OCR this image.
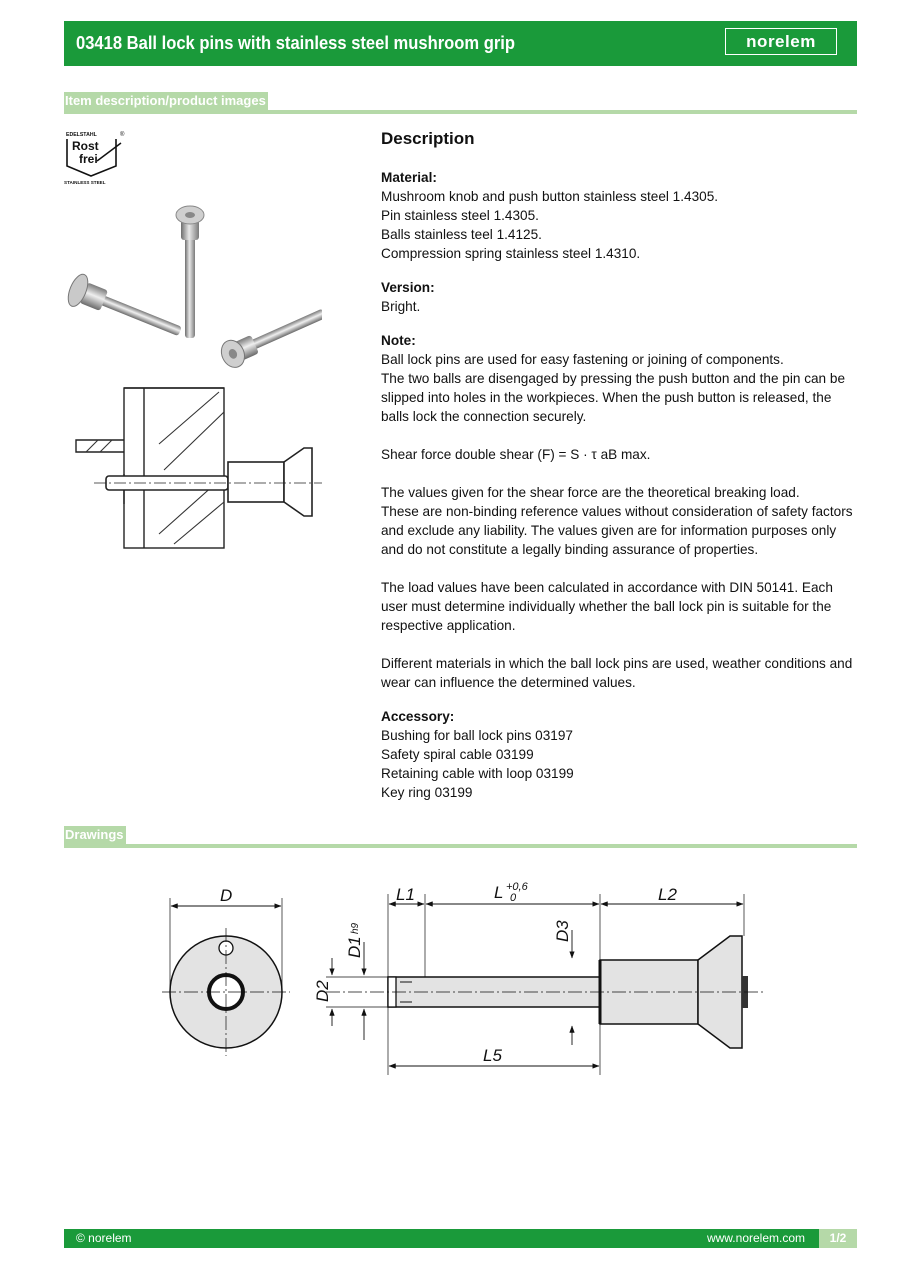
03418 Ball lock pins with stainless steel mushroom grip	norelem
Item description/product images
EDELSTAHL	®
Rost
frei
STAINLESS STEEL
Description
Material:

Mushroom knob and push button stainless steel 1.4305.

Pin stainless steel 1.4305.

Balls stainless teel 1.4125.

Compression spring stainless steel 1.4310.

Version:

Bright.

Note:

Ball lock pins are used for easy fastening or joining of components.

The two balls are disengaged by pressing the push button and the pin can be slipped into holes in the workpieces. When the push button is released, the balls lock the connection securely.

Shear force double shear (F) = S · τ aB max.

The values given for the shear force are the theoretical breaking load.

These are non-binding reference values without consideration of safety factors and exclude any liability. The values given are for information purposes only and do not constitute a legally binding assurance of properties.

The load values have been calculated in accordance with DIN 50141. Each user must determine individually whether the ball lock pin is suitable for the respective application.

Different materials in which the ball lock pins are used, weather conditions and wear can influence the determined values.

Accessory:

Bushing for ball lock pins 03197

Safety spiral cable 03199

Retaining cable with loop 03199

Key ring 03199

Drawings
D	L1	L +0,6
0	L2
D1
h9
D2
D3
L5
© norelem	www.norelem.com	1/2
